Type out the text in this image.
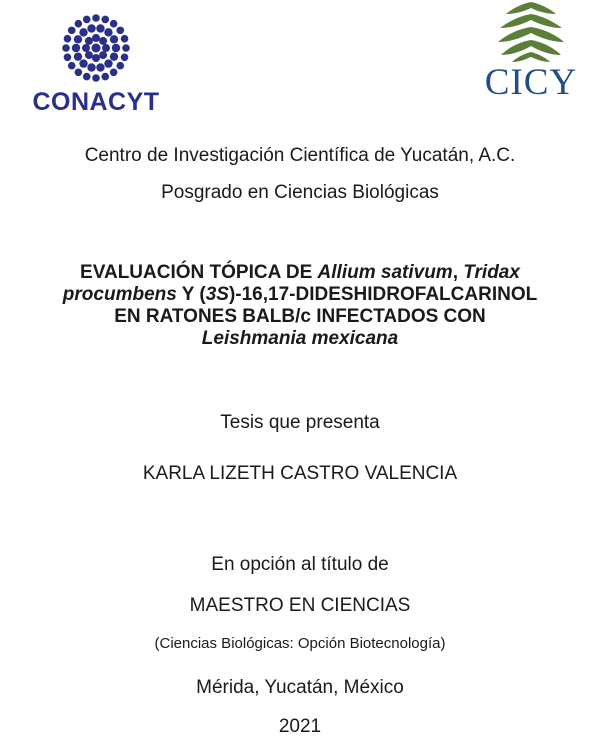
CONACYT	CICY
Centro de Investigación Científica de Yucatán, A.C.
Posgrado en Ciencias Biológicas
EVALUACIÓN TÓPICA DE Allium sativum, Tridax
procumbens Y (3S)-16,17-DIDESHIDROFALCARINOL
EN RATONES BALB/c INFECTADOS CON
Leishmania mexicana
Tesis que presenta
KARLA LIZETH CASTRO VALENCIA
En opción al título de
MAESTRO EN CIENCIAS
(Ciencias Biológicas: Opción Biotecnología)
Mérida, Yucatán, México
2021
